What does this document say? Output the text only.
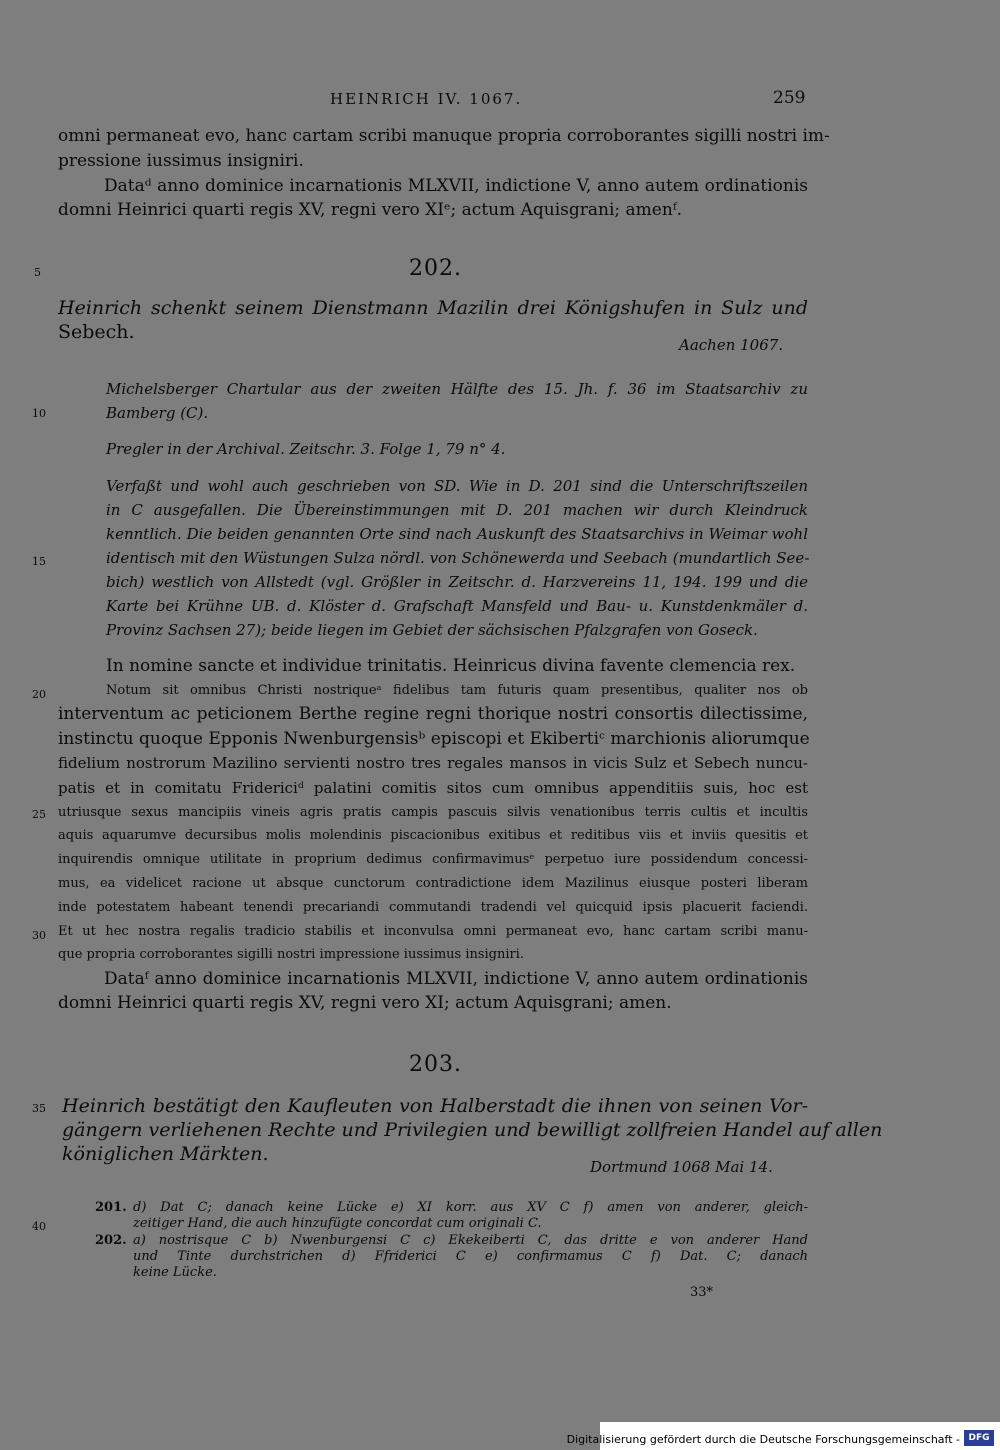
HEINRICH IV. 1067.	259
omni permaneat evo, hanc cartam scribi manuque propria corroborantes sigilli nostri im-
pressione iussimus insigniri.
Dataᵈ anno dominice incarnationis MLXVII, indictione V, anno autem ordinationis
domni Heinrici quarti regis XV, regni vero XIᵉ; actum Aquisgrani; amenᶠ.
5
10
15
20
25
30
35
40
202.
Heinrich schenkt seinem Dienstmann Mazilin drei Königshufen in Sulz und
Sebech.
Aachen 1067.
Michelsberger Chartular aus der zweiten Hälfte des 15. Jh. f. 36 im Staatsarchiv zu
Bamberg (C).
Pregler in der Archival. Zeitschr. 3. Folge 1, 79 n° 4.
Verfaßt und wohl auch geschrieben von SD. Wie in D. 201 sind die Unterschriftszeilen
in C ausgefallen. Die Übereinstimmungen mit D. 201 machen wir durch Kleindruck
kenntlich. Die beiden genannten Orte sind nach Auskunft des Staatsarchivs in Weimar wohl
identisch mit den Wüstungen Sulza nördl. von Schönewerda und Seebach (mundartlich See-
bich) westlich von Allstedt (vgl. Größler in Zeitschr. d. Harzvereins 11, 194. 199 und die
Karte bei Krühne UB. d. Klöster d. Grafschaft Mansfeld und Bau- u. Kunstdenkmäler d.
Provinz Sachsen 27); beide liegen im Gebiet der sächsischen Pfalzgrafen von Goseck.
In nomine sancte et individue trinitatis. Heinricus divina favente clemencia rex.
Notum sit omnibus Christi nostriqueᵃ fidelibus tam futuris quam presentibus, qualiter nos ob
interventum ac peticionem Berthe regine regni thorique nostri consortis dilectissime,
instinctu quoque Epponis Nwenburgensisᵇ episcopi et Ekibertiᶜ marchionis aliorumque
fidelium nostrorum Mazilino servienti nostro tres regales mansos in vicis Sulz et Sebech nuncu-
patis et in comitatu Fridericiᵈ palatini comitis sitos cum omnibus appenditiis suis, hoc est
utriusque sexus mancipiis vineis agris pratis campis pascuis silvis venationibus terris cultis et incultis
aquis aquarumve decursibus molis molendinis piscacionibus exitibus et reditibus viis et inviis quesitis et
inquirendis omnique utilitate in proprium dedimus confirmavimusᵉ perpetuo iure possidendum concessi-
mus, ea videlicet racione ut absque cunctorum contradictione idem Mazilinus eiusque posteri liberam
inde potestatem habeant tenendi precariandi commutandi tradendi vel quicquid ipsis placuerit faciendi.
Et ut hec nostra regalis tradicio stabilis et inconvulsa omni permaneat evo, hanc cartam scribi manu-
que propria corroborantes sigilli nostri impressione iussimus insigniri.
Dataᶠ anno dominice incarnationis MLXVII, indictione V, anno autem ordinationis
domni Heinrici quarti regis XV, regni vero XI; actum Aquisgrani; amen.
203.
Heinrich bestätigt den Kaufleuten von Halberstadt die ihnen von seinen Vor-
gängern verliehenen Rechte und Privilegien und bewilligt zollfreien Handel auf allen
königlichen Märkten.
Dortmund 1068 Mai 14.
201. d) Dat C; danach keine Lücke e) XI korr. aus XV C f) amen von anderer, gleich-
zeitiger Hand, die auch hinzufügte concordat cum originali C.
202. a) nostrisque C b) Nwenburgensi C c) Ekekeiberti C, das dritte e von anderer Hand
und Tinte durchstrichen d) Ffriderici C e) confirmamus C f) Dat. C; danach
keine Lücke.
33*
Digitalisierung gefördert durch die Deutsche Forschungsgemeinschaft - DFG
